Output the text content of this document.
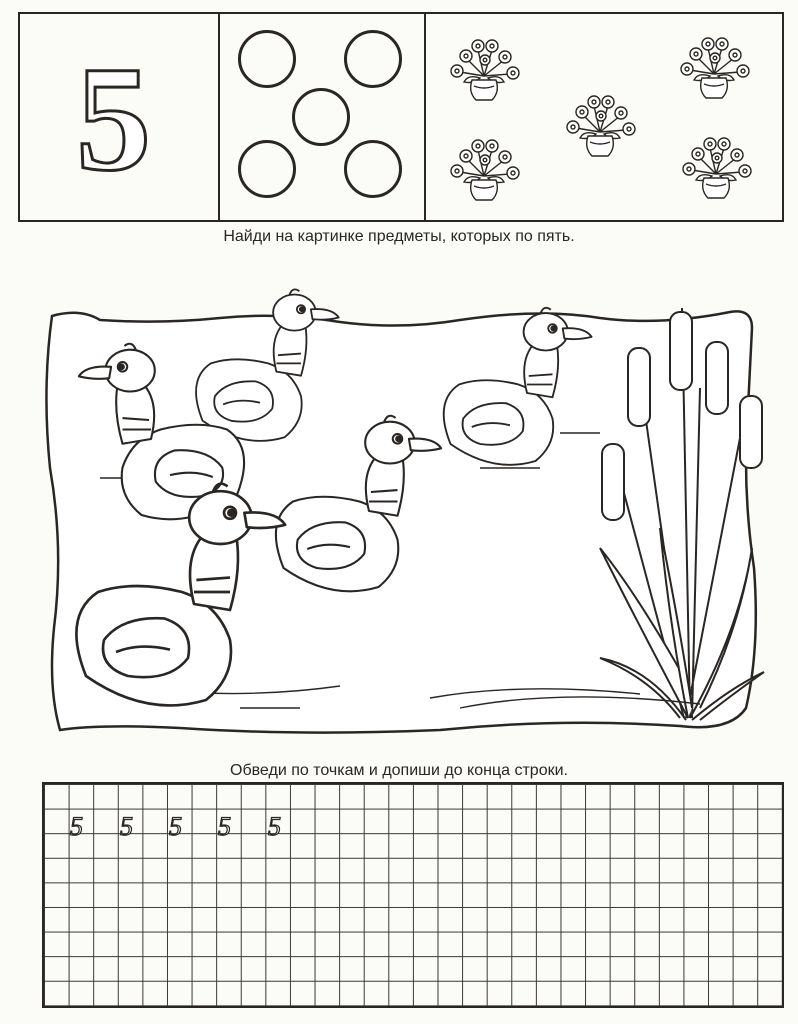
5
Найди на картинке предметы, которых по пять.
Обведи по точкам и допиши до конца строки.
5 5 5 5 5
